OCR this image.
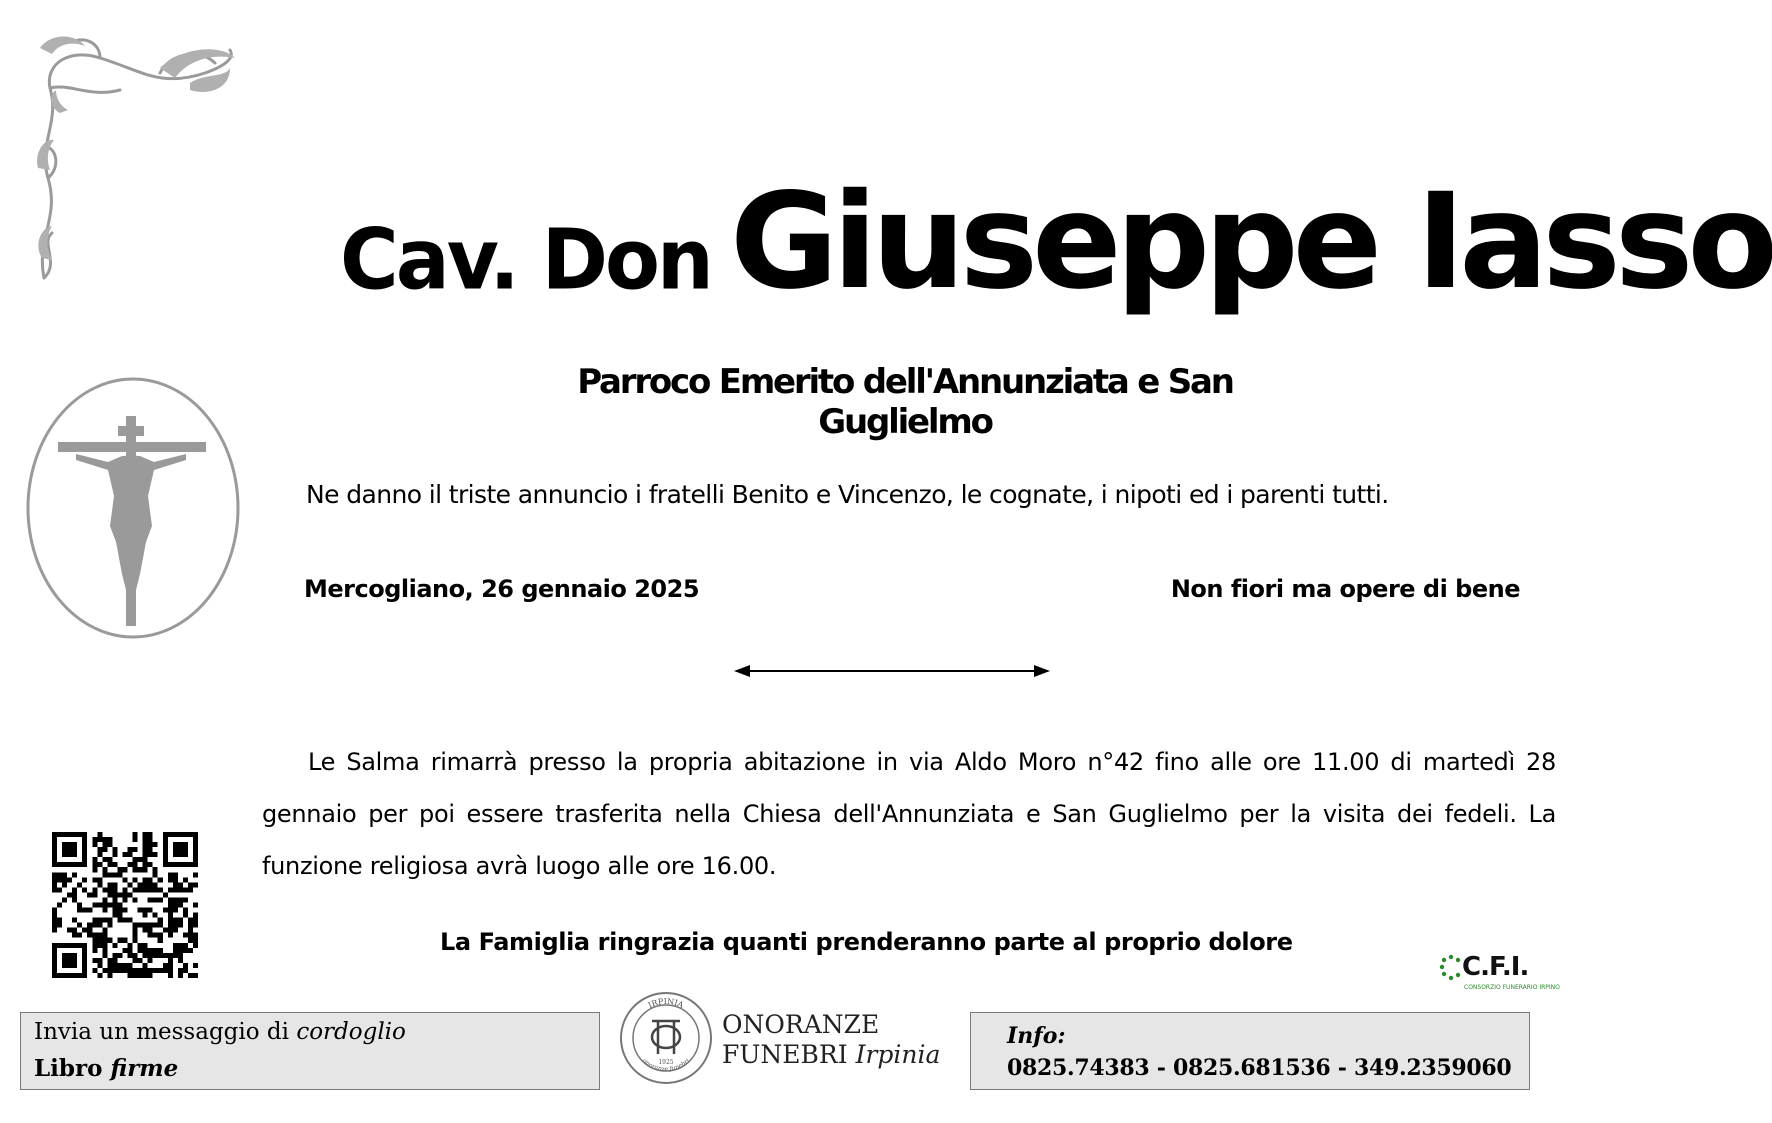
Cav. Don Giuseppe Iasso
Parroco Emerito dell'Annunziata e San Guglielmo
Ne danno il triste annuncio i fratelli Benito e Vincenzo, le cognate, i nipoti ed i parenti tutti.
Mercogliano, 26 gennaio 2025	Non fiori ma opere di bene
Le Salma rimarrà presso la propria abitazione in via Aldo Moro n°42 fino alle ore 11.00 di martedì 28 gennaio per poi essere trasferita nella Chiesa dell'Annunziata e San Guglielmo per la visita dei fedeli. La funzione religiosa avrà luogo alle ore 16.00.
La Famiglia ringrazia quanti prenderanno parte al proprio dolore
C.F.I.
CONSORZIO FUNERARIO IRPINO
Invia un messaggio di cordoglio
Libro firme
IRPINIA
onoranze funebri
1925
ONORANZE
FUNEBRI Irpinia
Info:
0825.74383 - 0825.681536 - 349.2359060
